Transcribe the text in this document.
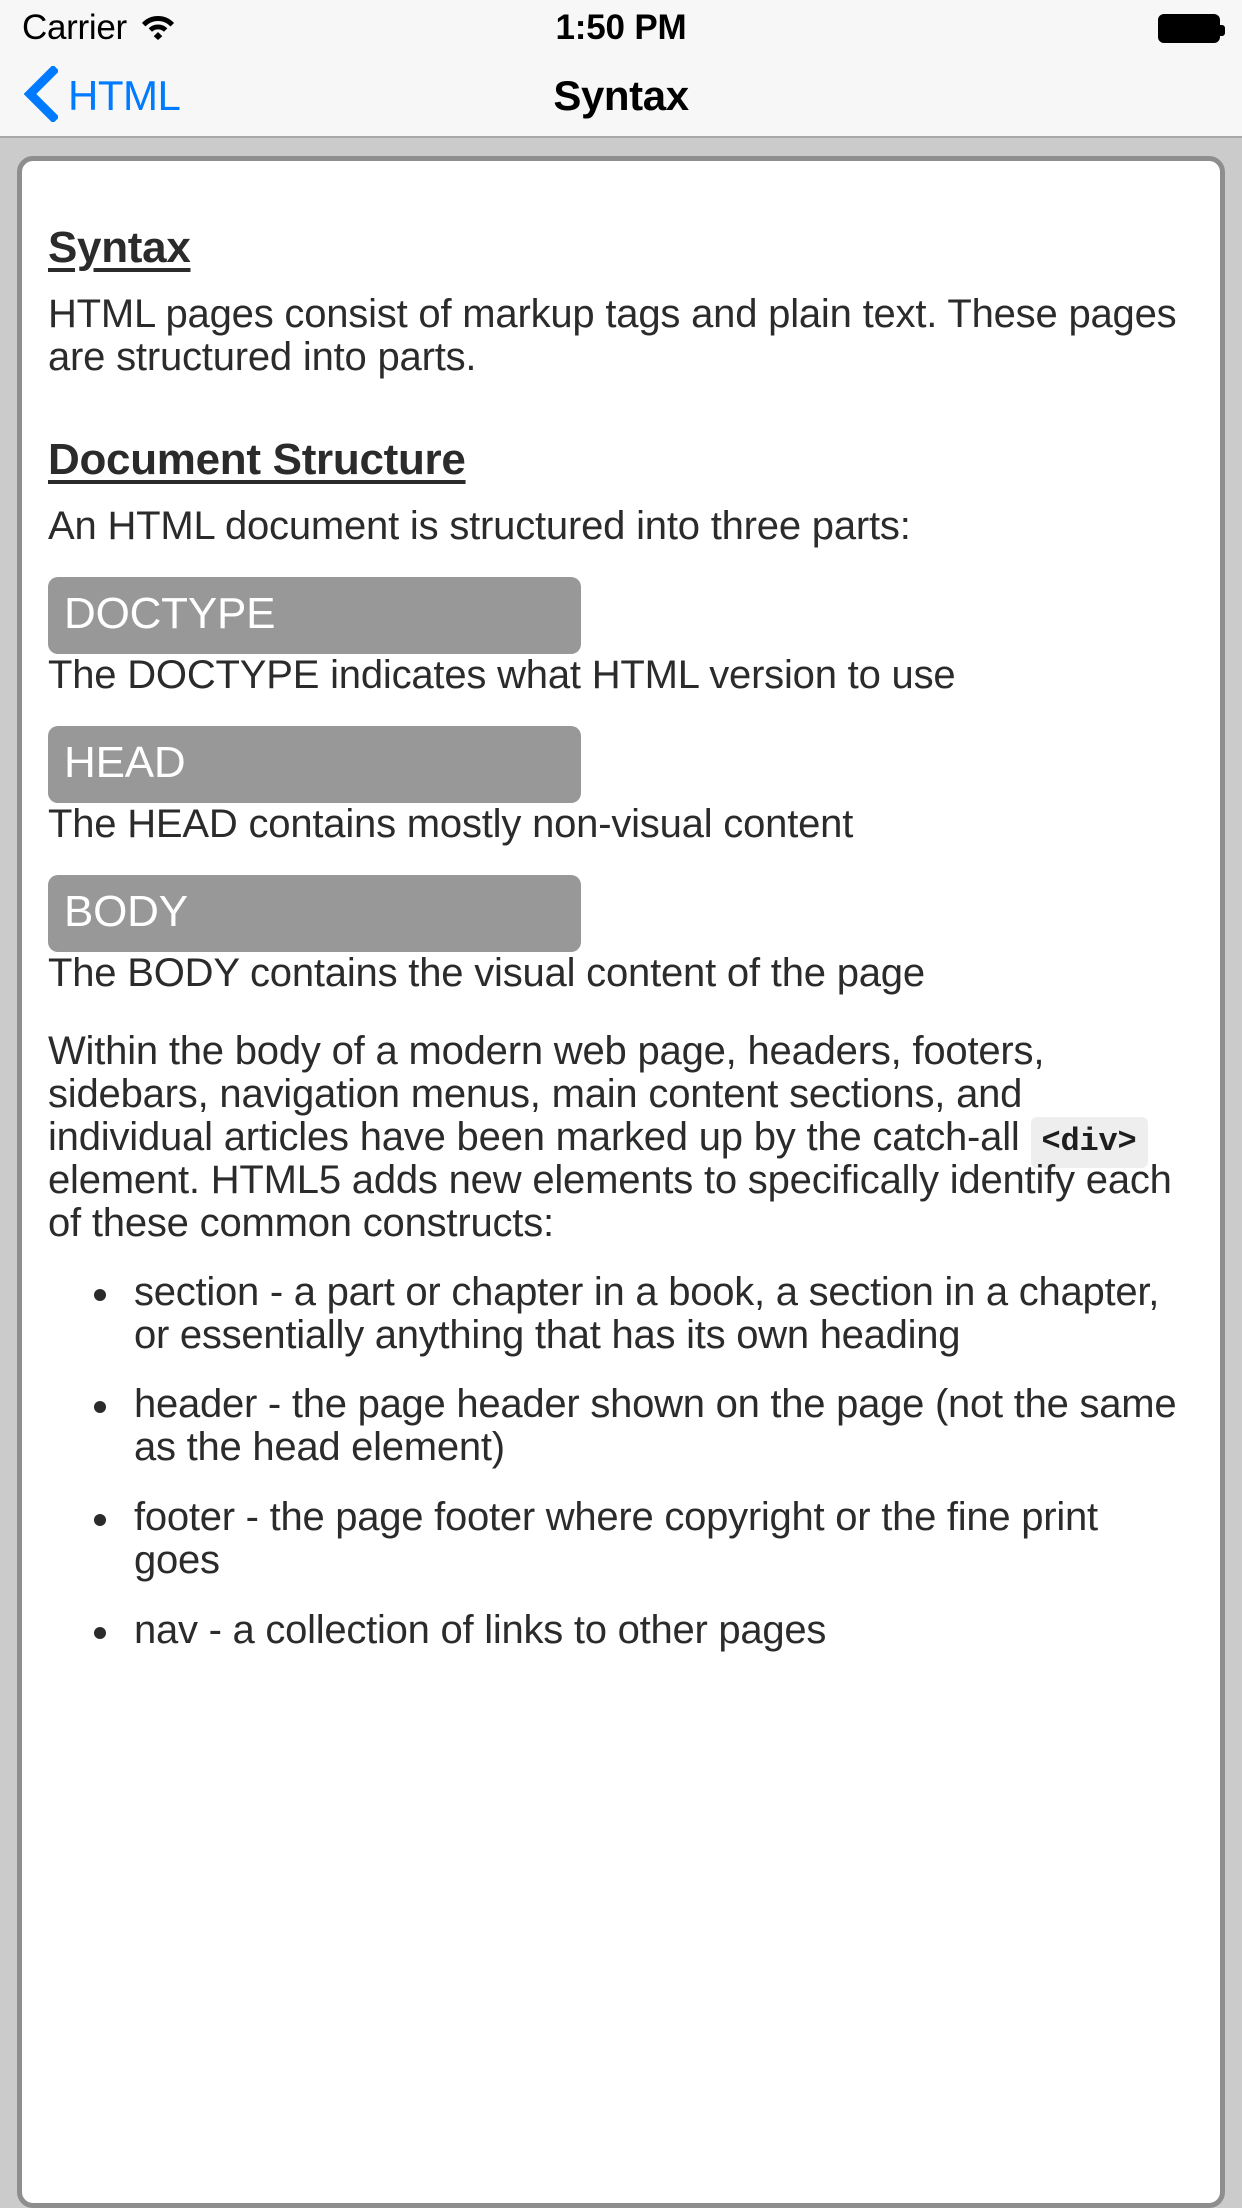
Carrier	1:50 PM
HTML	Syntax
Syntax

HTML pages consist of markup tags and plain text. These pages are structured into parts.

Document Structure

An HTML document is structured into three parts:

DOCTYPE

The DOCTYPE indicates what HTML version to use

HEAD

The HEAD contains mostly non-visual content

BODY

The BODY contains the visual content of the page

Within the body of a modern web page, headers, footers, sidebars, navigation menus, main content sections, and individual articles have been marked up by the catch-all <div> element. HTML5 adds new elements to specifically identify each of these common constructs:

section - a part or chapter in a book, a section in a chapter, or essentially anything that has its own heading
header - the page header shown on the page (not the same as the head element)
footer - the page footer where copyright or the fine print goes
nav - a collection of links to other pages
